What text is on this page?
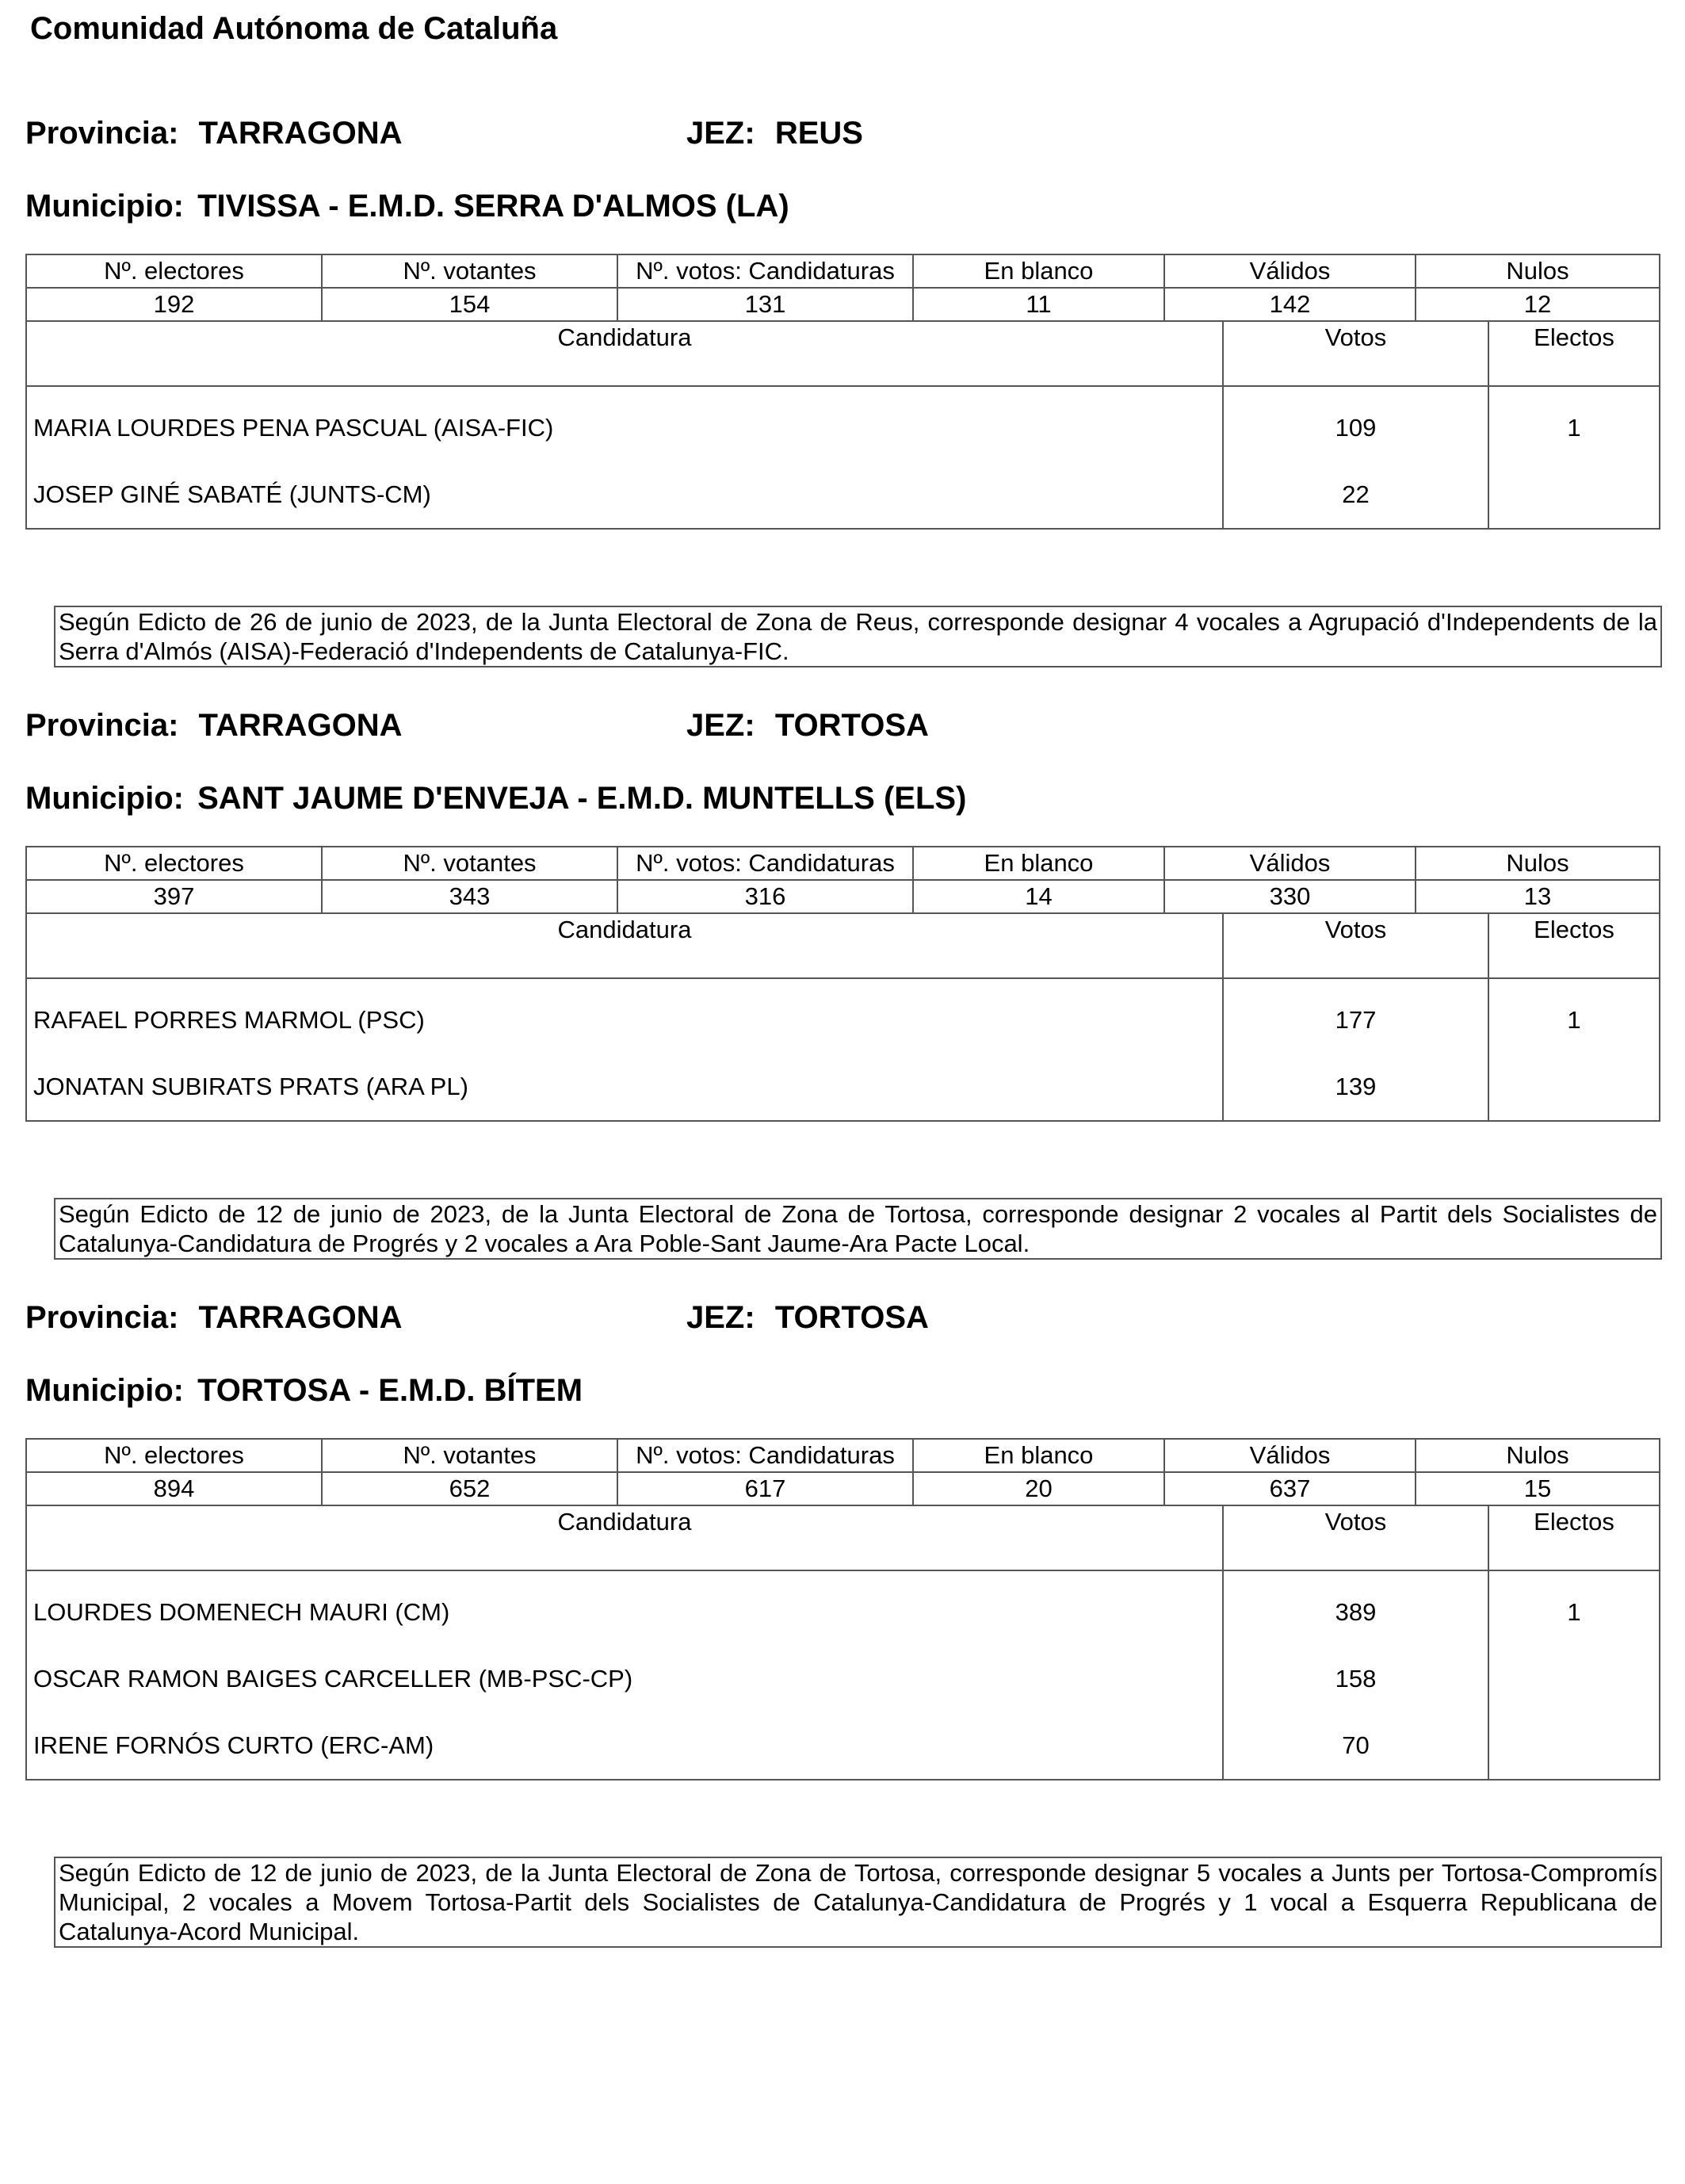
Comunidad Autónoma de Cataluña
Provincia: TARRAGONA	JEZ: REUS
Municipio: TIVISSA - E.M.D. SERRA D'ALMOS (LA)
Nº. electores	Nº. votantes	Nº. votos: Candidaturas	En blanco	Válidos	Nulos
192	154	131	11	142	12
Candidatura	Votos	Electos
MARIA LOURDES PENA PASCUAL (AISA-FIC)	109	1
JOSEP GINÉ SABATÉ (JUNTS-CM)	22	
Según Edicto de 26 de junio de 2023, de la Junta Electoral de Zona de Reus, corresponde designar 4 vocales a Agrupació d'Independents de la Serra d'Almós (AISA)-Federació d'Independents de Catalunya-FIC.
Provincia: TARRAGONA	JEZ: TORTOSA
Municipio: SANT JAUME D'ENVEJA - E.M.D. MUNTELLS (ELS)
Nº. electores	Nº. votantes	Nº. votos: Candidaturas	En blanco	Válidos	Nulos
397	343	316	14	330	13
Candidatura	Votos	Electos
RAFAEL PORRES MARMOL (PSC)	177	1
JONATAN SUBIRATS PRATS (ARA PL)	139	
Según Edicto de 12 de junio de 2023, de la Junta Electoral de Zona de Tortosa, corresponde designar 2 vocales al Partit dels Socialistes de Catalunya-Candidatura de Progrés y 2 vocales a Ara Poble-Sant Jaume-Ara Pacte Local.
Provincia: TARRAGONA	JEZ: TORTOSA
Municipio: TORTOSA - E.M.D. BÍTEM
Nº. electores	Nº. votantes	Nº. votos: Candidaturas	En blanco	Válidos	Nulos
894	652	617	20	637	15
Candidatura	Votos	Electos
LOURDES DOMENECH MAURI (CM)	389	1
OSCAR RAMON BAIGES CARCELLER (MB-PSC-CP)	158	
IRENE FORNÓS CURTO (ERC-AM)	70	
Según Edicto de 12 de junio de 2023, de la Junta Electoral de Zona de Tortosa, corresponde designar 5 vocales a Junts per Tortosa-Compromís Municipal, 2 vocales a Movem Tortosa-Partit dels Socialistes de Catalunya-Candidatura de Progrés y 1 vocal a Esquerra Republicana de Catalunya-Acord Municipal.
